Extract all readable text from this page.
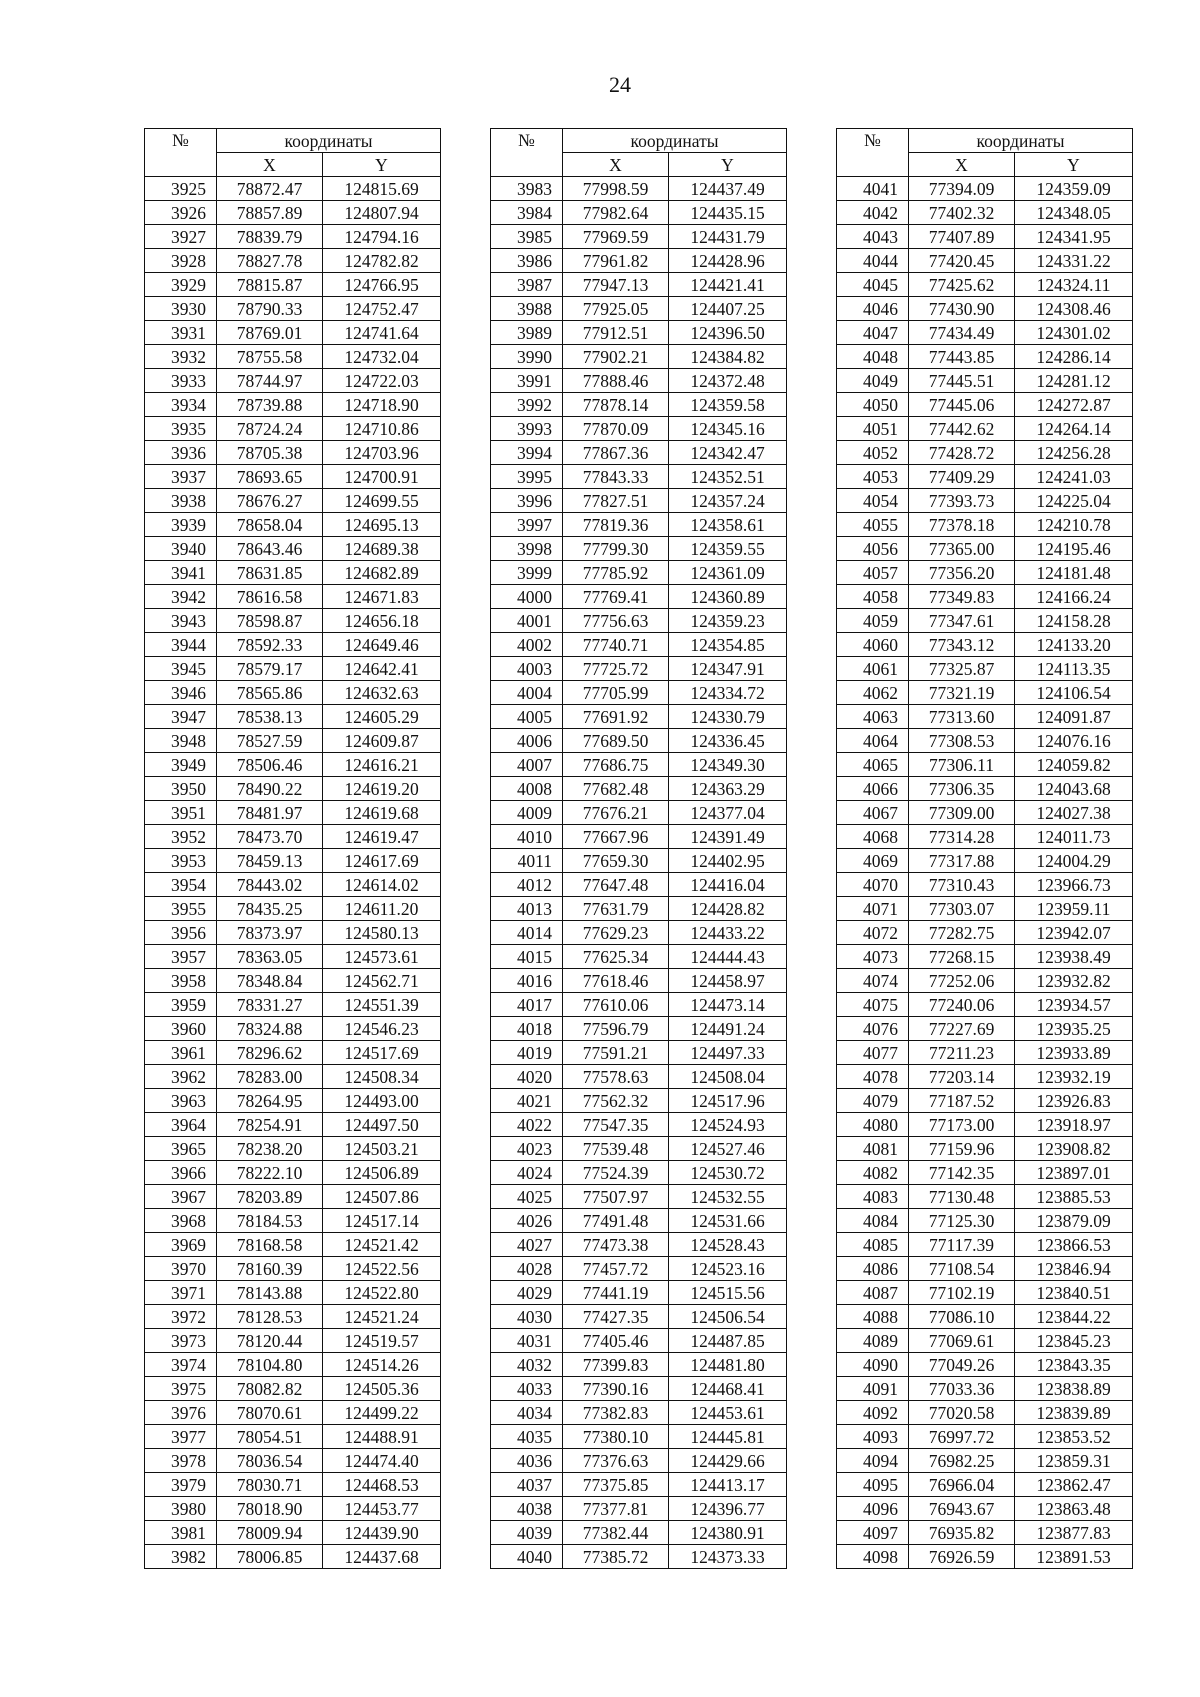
24
№	координаты	
	X	Y
3925	78872.47	124815.69
3926	78857.89	124807.94
3927	78839.79	124794.16
3928	78827.78	124782.82
3929	78815.87	124766.95
3930	78790.33	124752.47
3931	78769.01	124741.64
3932	78755.58	124732.04
3933	78744.97	124722.03
3934	78739.88	124718.90
3935	78724.24	124710.86
3936	78705.38	124703.96
3937	78693.65	124700.91
3938	78676.27	124699.55
3939	78658.04	124695.13
3940	78643.46	124689.38
3941	78631.85	124682.89
3942	78616.58	124671.83
3943	78598.87	124656.18
3944	78592.33	124649.46
3945	78579.17	124642.41
3946	78565.86	124632.63
3947	78538.13	124605.29
3948	78527.59	124609.87
3949	78506.46	124616.21
3950	78490.22	124619.20
3951	78481.97	124619.68
3952	78473.70	124619.47
3953	78459.13	124617.69
3954	78443.02	124614.02
3955	78435.25	124611.20
3956	78373.97	124580.13
3957	78363.05	124573.61
3958	78348.84	124562.71
3959	78331.27	124551.39
3960	78324.88	124546.23
3961	78296.62	124517.69
3962	78283.00	124508.34
3963	78264.95	124493.00
3964	78254.91	124497.50
3965	78238.20	124503.21
3966	78222.10	124506.89
3967	78203.89	124507.86
3968	78184.53	124517.14
3969	78168.58	124521.42
3970	78160.39	124522.56
3971	78143.88	124522.80
3972	78128.53	124521.24
3973	78120.44	124519.57
3974	78104.80	124514.26
3975	78082.82	124505.36
3976	78070.61	124499.22
3977	78054.51	124488.91
3978	78036.54	124474.40
3979	78030.71	124468.53
3980	78018.90	124453.77
3981	78009.94	124439.90
3982	78006.85	124437.68
№	координаты	
	X	Y
3983	77998.59	124437.49
3984	77982.64	124435.15
3985	77969.59	124431.79
3986	77961.82	124428.96
3987	77947.13	124421.41
3988	77925.05	124407.25
3989	77912.51	124396.50
3990	77902.21	124384.82
3991	77888.46	124372.48
3992	77878.14	124359.58
3993	77870.09	124345.16
3994	77867.36	124342.47
3995	77843.33	124352.51
3996	77827.51	124357.24
3997	77819.36	124358.61
3998	77799.30	124359.55
3999	77785.92	124361.09
4000	77769.41	124360.89
4001	77756.63	124359.23
4002	77740.71	124354.85
4003	77725.72	124347.91
4004	77705.99	124334.72
4005	77691.92	124330.79
4006	77689.50	124336.45
4007	77686.75	124349.30
4008	77682.48	124363.29
4009	77676.21	124377.04
4010	77667.96	124391.49
4011	77659.30	124402.95
4012	77647.48	124416.04
4013	77631.79	124428.82
4014	77629.23	124433.22
4015	77625.34	124444.43
4016	77618.46	124458.97
4017	77610.06	124473.14
4018	77596.79	124491.24
4019	77591.21	124497.33
4020	77578.63	124508.04
4021	77562.32	124517.96
4022	77547.35	124524.93
4023	77539.48	124527.46
4024	77524.39	124530.72
4025	77507.97	124532.55
4026	77491.48	124531.66
4027	77473.38	124528.43
4028	77457.72	124523.16
4029	77441.19	124515.56
4030	77427.35	124506.54
4031	77405.46	124487.85
4032	77399.83	124481.80
4033	77390.16	124468.41
4034	77382.83	124453.61
4035	77380.10	124445.81
4036	77376.63	124429.66
4037	77375.85	124413.17
4038	77377.81	124396.77
4039	77382.44	124380.91
4040	77385.72	124373.33
№	координаты	
	X	Y
4041	77394.09	124359.09
4042	77402.32	124348.05
4043	77407.89	124341.95
4044	77420.45	124331.22
4045	77425.62	124324.11
4046	77430.90	124308.46
4047	77434.49	124301.02
4048	77443.85	124286.14
4049	77445.51	124281.12
4050	77445.06	124272.87
4051	77442.62	124264.14
4052	77428.72	124256.28
4053	77409.29	124241.03
4054	77393.73	124225.04
4055	77378.18	124210.78
4056	77365.00	124195.46
4057	77356.20	124181.48
4058	77349.83	124166.24
4059	77347.61	124158.28
4060	77343.12	124133.20
4061	77325.87	124113.35
4062	77321.19	124106.54
4063	77313.60	124091.87
4064	77308.53	124076.16
4065	77306.11	124059.82
4066	77306.35	124043.68
4067	77309.00	124027.38
4068	77314.28	124011.73
4069	77317.88	124004.29
4070	77310.43	123966.73
4071	77303.07	123959.11
4072	77282.75	123942.07
4073	77268.15	123938.49
4074	77252.06	123932.82
4075	77240.06	123934.57
4076	77227.69	123935.25
4077	77211.23	123933.89
4078	77203.14	123932.19
4079	77187.52	123926.83
4080	77173.00	123918.97
4081	77159.96	123908.82
4082	77142.35	123897.01
4083	77130.48	123885.53
4084	77125.30	123879.09
4085	77117.39	123866.53
4086	77108.54	123846.94
4087	77102.19	123840.51
4088	77086.10	123844.22
4089	77069.61	123845.23
4090	77049.26	123843.35
4091	77033.36	123838.89
4092	77020.58	123839.89
4093	76997.72	123853.52
4094	76982.25	123859.31
4095	76966.04	123862.47
4096	76943.67	123863.48
4097	76935.82	123877.83
4098	76926.59	123891.53
